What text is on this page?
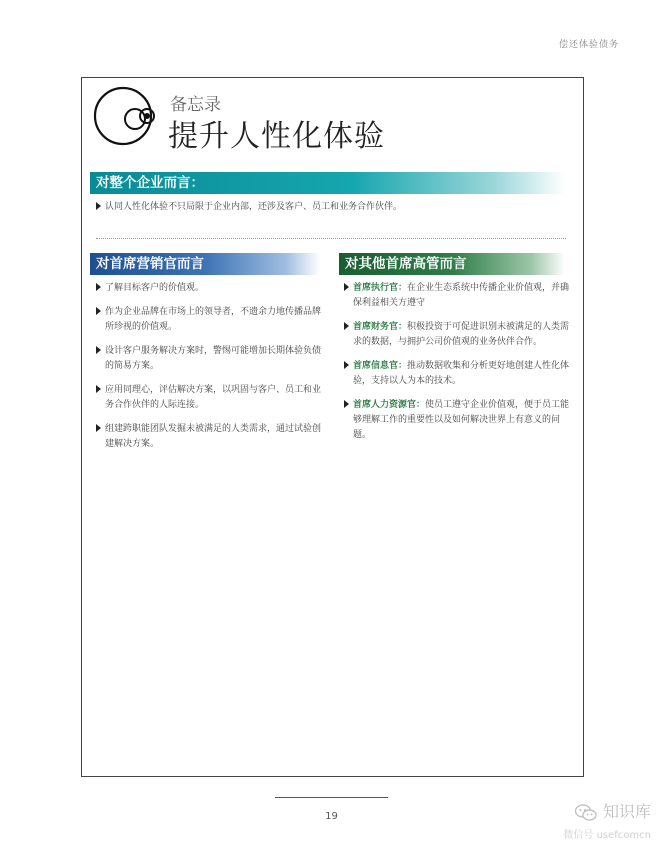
偿还体验债务
备忘录
提升人性化体验
对整个企业而言：
认同人性化体验不只局限于企业内部，还涉及客户、员工和业务合作伙伴。
对首席营销官而言
了解目标客户的价值观。
作为企业品牌在市场上的领导者，不遗余力地传播品牌所珍视的价值观。
设计客户服务解决方案时，警惕可能增加长期体验负债的简易方案。
应用同理心，评估解决方案，以巩固与客户、员工和业务合作伙伴的人际连接。
组建跨职能团队发掘未被满足的人类需求，通过试验创建解决方案。
对其他首席高管而言
首席执行官：在企业生态系统中传播企业价值观，并确保利益相关方遵守
首席财务官：积极投资于可促进识别未被满足的人类需求的数据，与拥护公司价值观的业务伙伴合作。
首席信息官：推动数据收集和分析更好地创建人性化体验，支持以人为本的技术。
首席人力资源官：使员工遵守企业价值观，便于员工能够理解工作的重要性以及如何解决世界上有意义的问题。
19	知识库
微信号 usefcomcn
